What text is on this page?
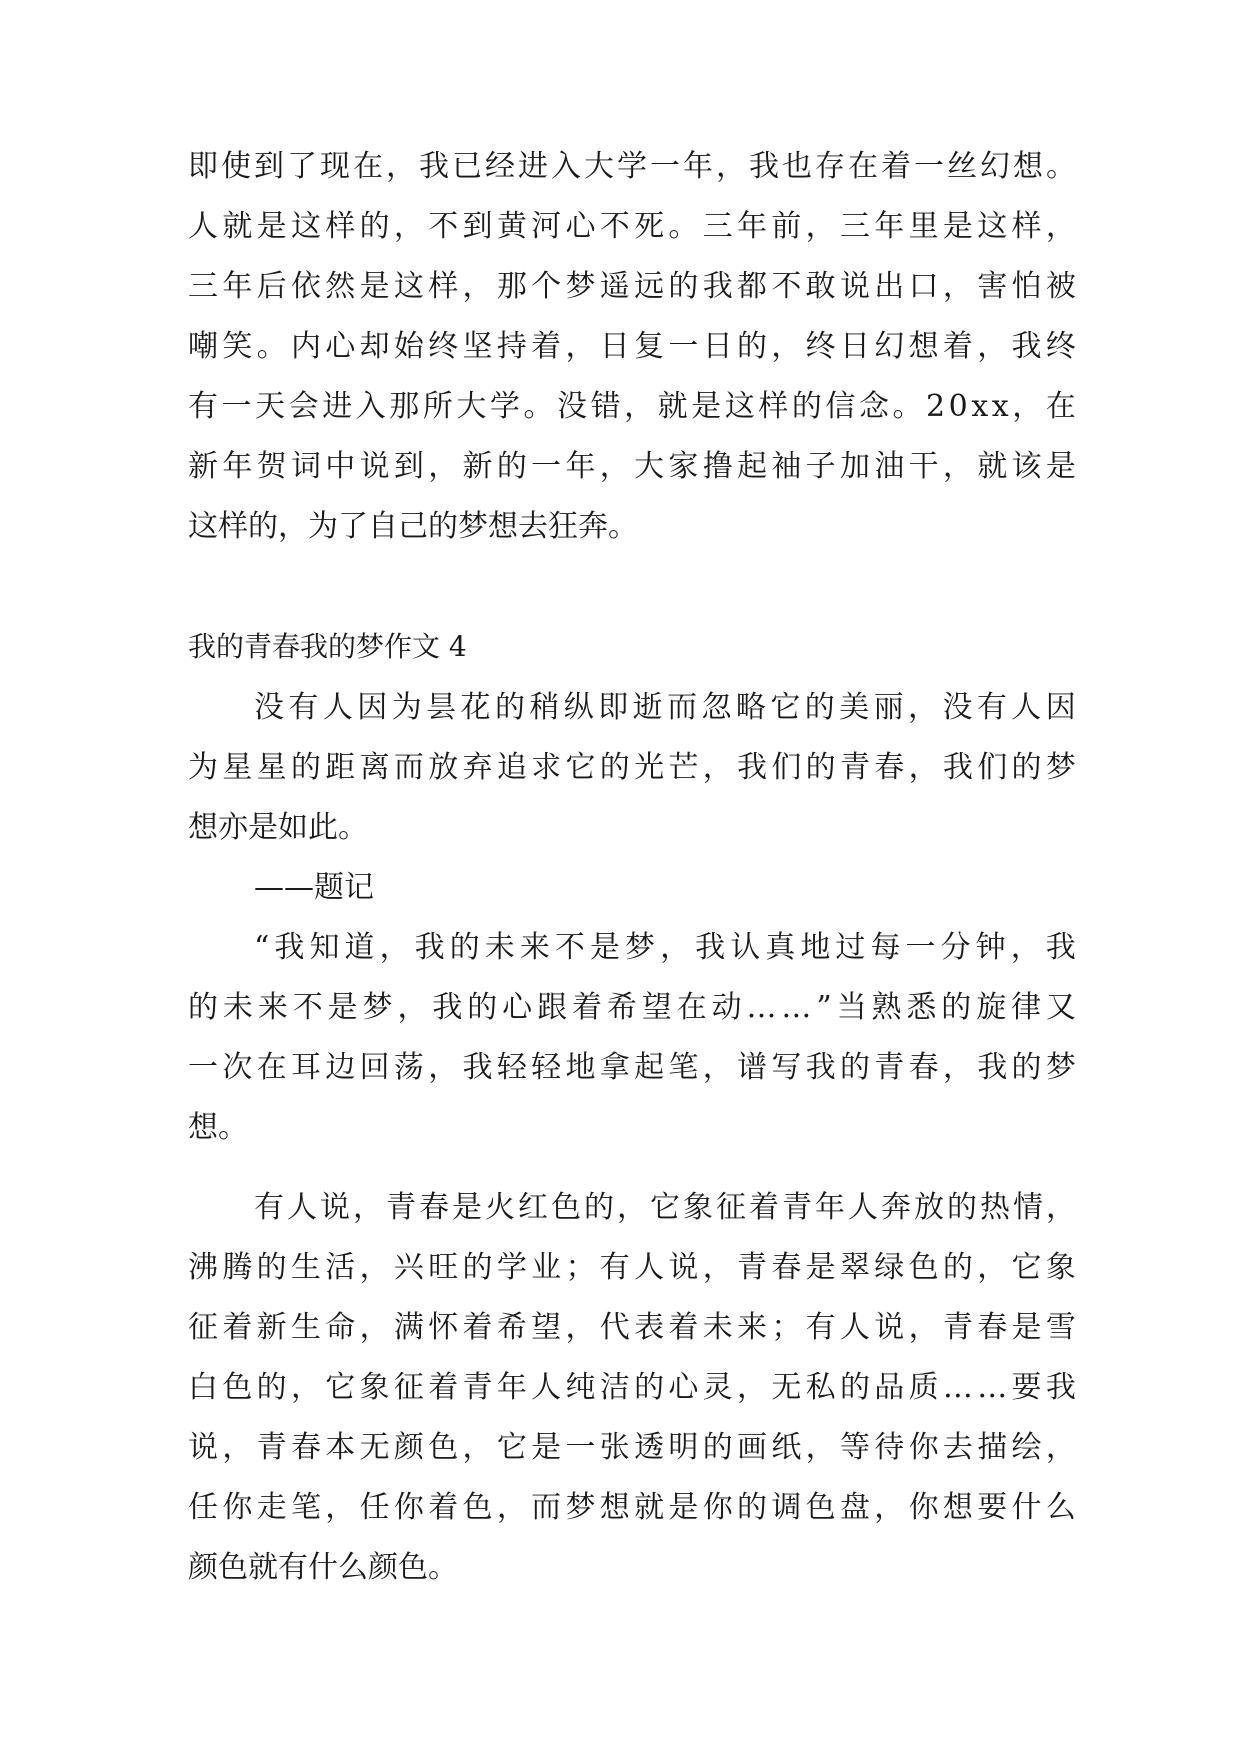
即 使 到 了 现 在 ， 我 已 经 进 入 大 学 一 年 ， 我 也 存 在 着 一 丝 幻 想 。
人 就 是 这 样 的 ， 不 到 黄 河 心 不 死 。 三 年 前 ， 三 年 里 是 这 样 ，
三 年 后 依 然 是 这 样 ， 那 个 梦 遥 远 的 我 都 不 敢 说 出 口 ， 害 怕 被
嘲 笑 。 内 心 却 始 终 坚 持 着 ， 日 复 一 日 的 ， 终 日 幻 想 着 ， 我 终
有 一 天 会 进 入 那 所 大 学 。 没 错 ， 就 是 这 样 的 信 念 。 2 0 x x ， 在
新 年 贺 词 中 说 到 ， 新 的 一 年 ， 大 家 撸 起 袖 子 加 油 干 ， 就 该 是
这样的，为了自己的梦想去狂奔。
我的青春我的梦作文 4
没 有 人 因 为 昙 花 的 稍 纵 即 逝 而 忽 略 它 的 美 丽 ， 没 有 人 因
为 星 星 的 距 离 而 放 弃 追 求 它 的 光 芒 ， 我 们 的 青 春 ， 我 们 的 梦
想亦是如此。
——题记
“ 我 知 道 ， 我 的 未 来 不 是 梦 ， 我 认 真 地 过 每 一 分 钟 ， 我
的 未 来 不 是 梦 ， 我 的 心 跟 着 希 望 在 动 … … ” 当 熟 悉 的 旋 律 又
一 次 在 耳 边 回 荡 ， 我 轻 轻 地 拿 起 笔 ， 谱 写 我 的 青 春 ， 我 的 梦
想。
有 人 说 ， 青 春 是 火 红 色 的 ， 它 象 征 着 青 年 人 奔 放 的 热 情 ，
沸 腾 的 生 活 ， 兴 旺 的 学 业 ； 有 人 说 ， 青 春 是 翠 绿 色 的 ， 它 象
征 着 新 生 命 ， 满 怀 着 希 望 ， 代 表 着 未 来 ； 有 人 说 ， 青 春 是 雪
白 色 的 ， 它 象 征 着 青 年 人 纯 洁 的 心 灵 ， 无 私 的 品 质 … … 要 我
说 ， 青 春 本 无 颜 色 ， 它 是 一 张 透 明 的 画 纸 ， 等 待 你 去 描 绘 ，
任 你 走 笔 ， 任 你 着 色 ， 而 梦 想 就 是 你 的 调 色 盘 ， 你 想 要 什 么
颜色就有什么颜色。
